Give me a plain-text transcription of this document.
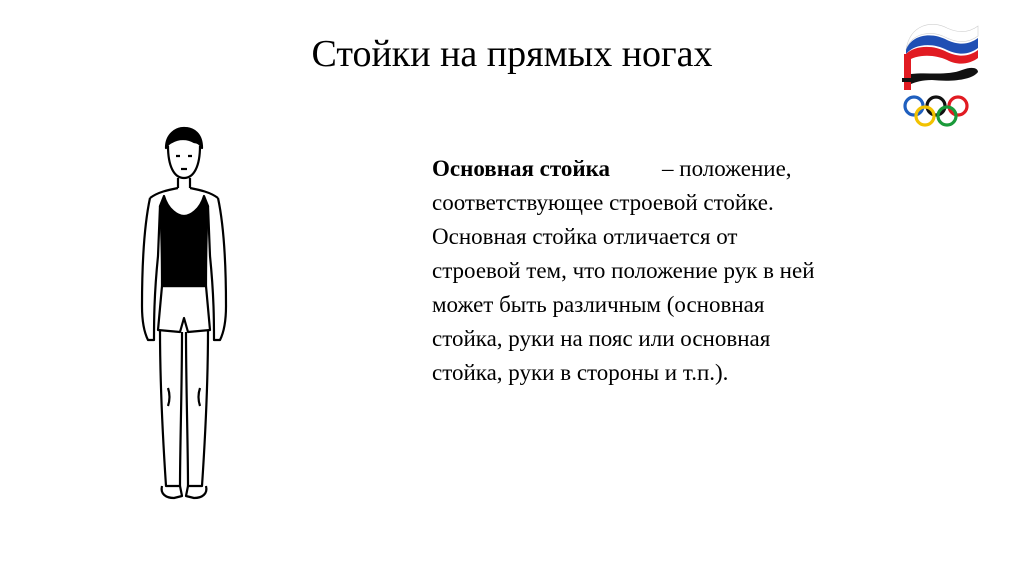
Стойки на прямых ногах
Основная стойка – положение,
соответствующее строевой стойке.
Основная стойка отличается от
строевой тем, что положение рук в ней
может быть различным (основная
стойка, руки на пояс или основная
стойка, руки в стороны и т.п.).
